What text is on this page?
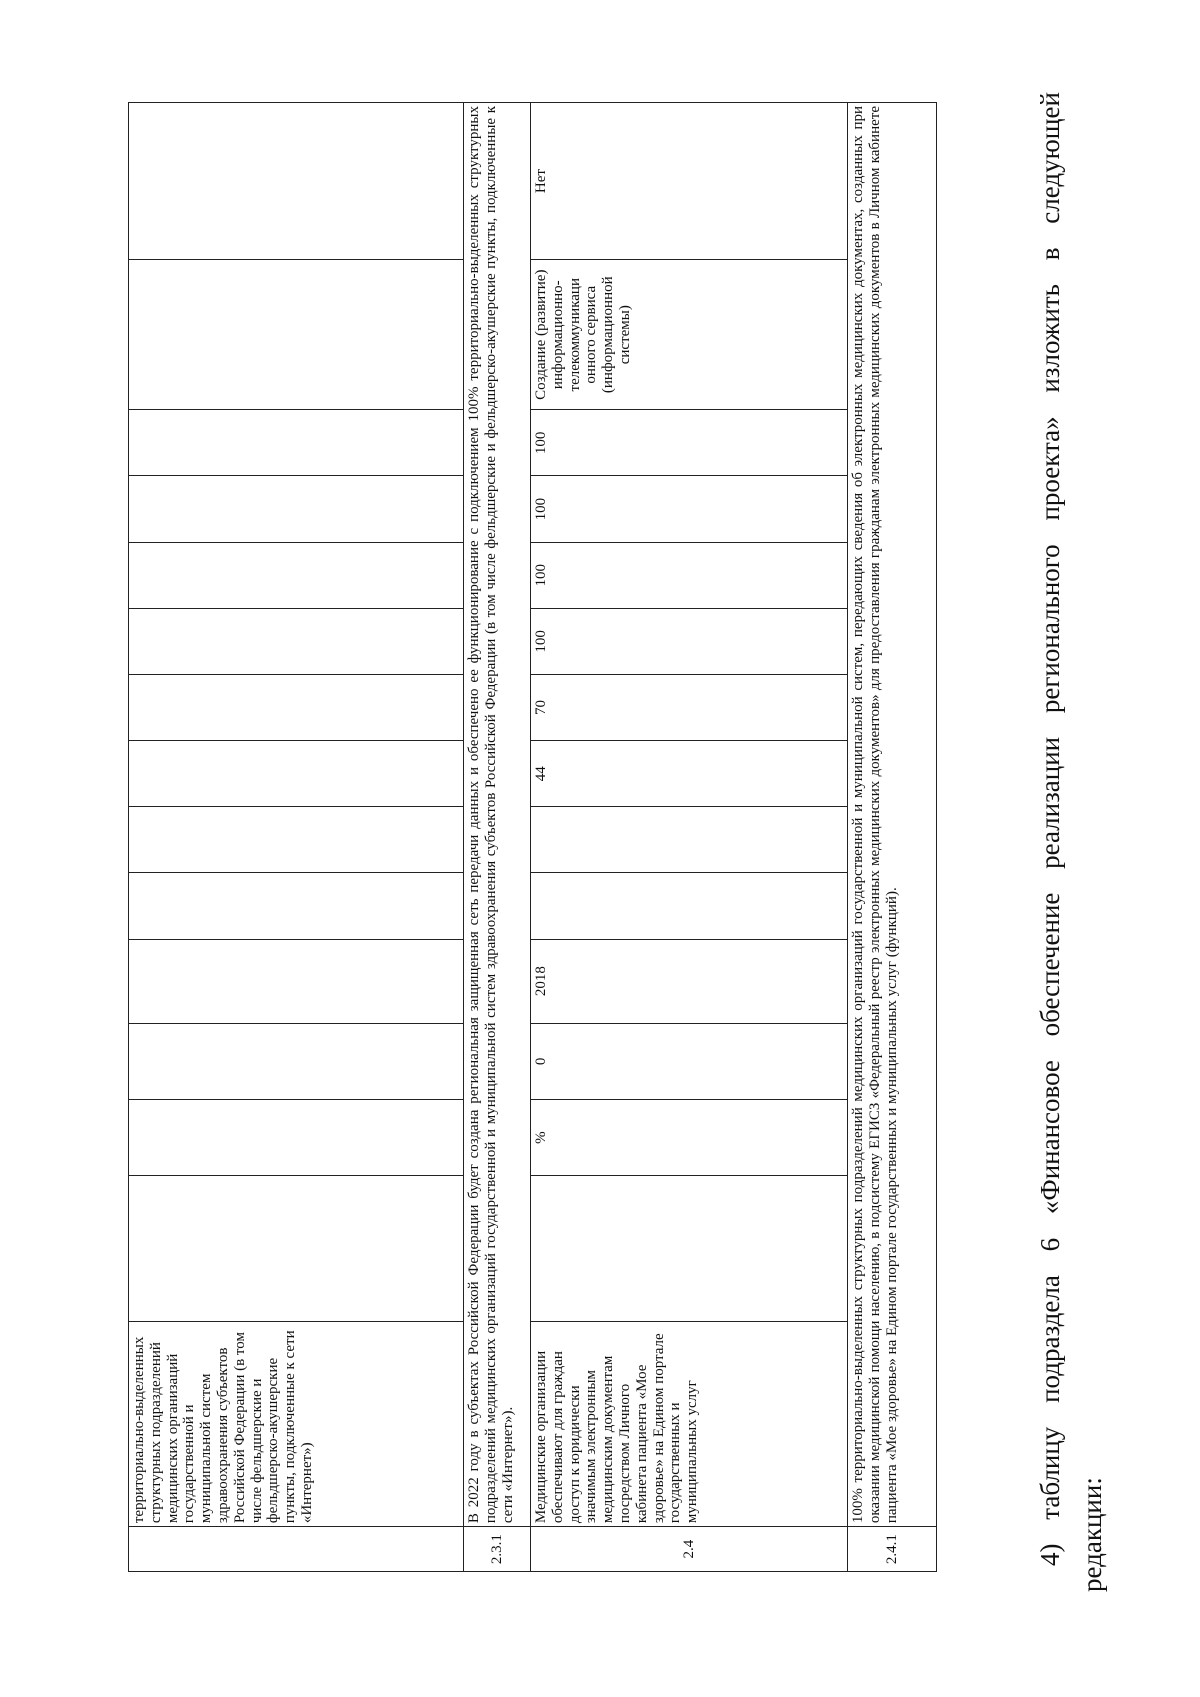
	территориально-выделенных структурных подразделений медицинских организаций государственной и муниципальной систем здравоохранения субъектов Российской Федерации (в том числе фельдшерские и фельдшерско-акушерские пункты, подключенные к сети «Интернет»)														
2.3.1	В 2022 году в субъектах Российской Федерации будет создана региональная защищенная сеть передачи данных и обеспечено ее функционирование с подключением 100% территориально-выделенных структурных подразделений медицинских организаций государственной и муниципальной систем здравоохранения субъектов Российской Федерации (в том числе фельдшерские и фельдшерско-акушерские пункты, подключенные к сети «Интернет»).														
2.4	Медицинские организации обеспечивают для граждан доступ к юридически значимым электронным медицинским документам посредством Личного кабинета пациента «Мое здоровье» на Едином портале государственных и муниципальных услуг		%	0	2018			44	70	100	100	100	100	Создание (развитие) информационно-телекоммуникаци онного сервиса (информационной системы)	Нет
2.4.1	100% территориально-выделенных структурных подразделений медицинских организаций государственной и муниципальной систем, передающих сведения об электронных медицинских документах, созданных при оказании медицинской помощи населению, в подсистему ЕГИСЗ «Федеральный реестр электронных медицинских документов» для предоставления гражданам электронных медицинских документов в Личном кабинете пациента «Мое здоровье» на Едином портале государственных и муниципальных услуг (функций).															4) таблицу подраздела 6 «Финансовое обеспечение реализации регионального проекта» изложить в следующей редакции:
